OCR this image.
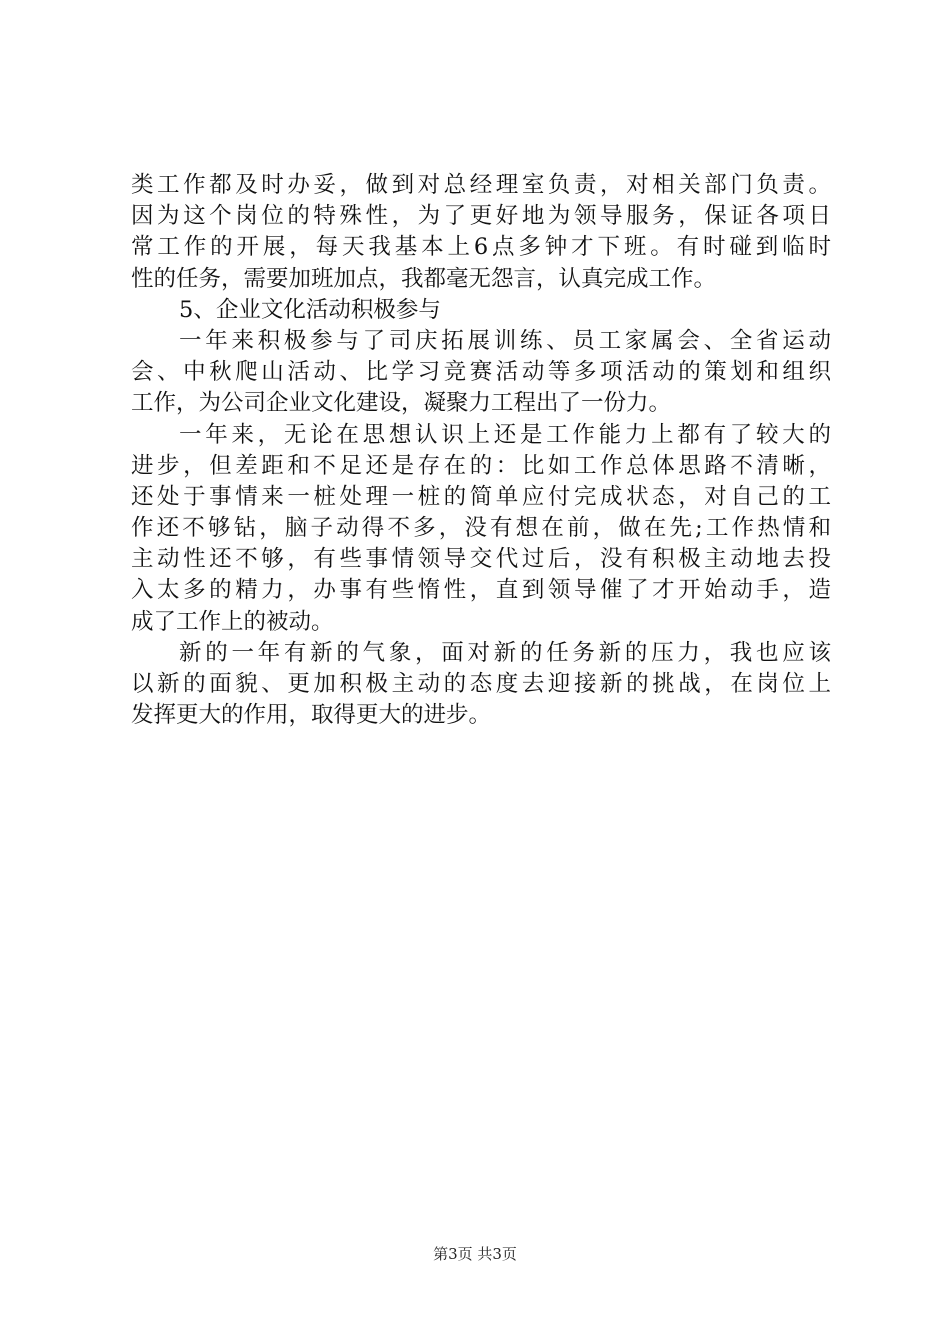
类工作都及时办妥，做到对总经理室负责，对相关部门负责。
因为这个岗位的特殊性，为了更好地为领导服务，保证各项日
常工作的开展，每天我基本上6点多钟才下班。有时碰到临时
性的任务，需要加班加点，我都毫无怨言，认真完成工作。
5、企业文化活动积极参与
一年来积极参与了司庆拓展训练、员工家属会、全省运动
会、中秋爬山活动、比学习竞赛活动等多项活动的策划和组织
工作，为公司企业文化建设，凝聚力工程出了一份力。
一年来，无论在思想认识上还是工作能力上都有了较大的
进步，但差距和不足还是存在的：比如工作总体思路不清晰，
还处于事情来一桩处理一桩的简单应付完成状态，对自己的工
作还不够钻，脑子动得不多，没有想在前，做在先;工作热情和
主动性还不够，有些事情领导交代过后，没有积极主动地去投
入太多的精力，办事有些惰性，直到领导催了才开始动手，造
成了工作上的被动。
新的一年有新的气象，面对新的任务新的压力，我也应该
以新的面貌、更加积极主动的态度去迎接新的挑战，在岗位上
发挥更大的作用，取得更大的进步。
第3页 共3页
